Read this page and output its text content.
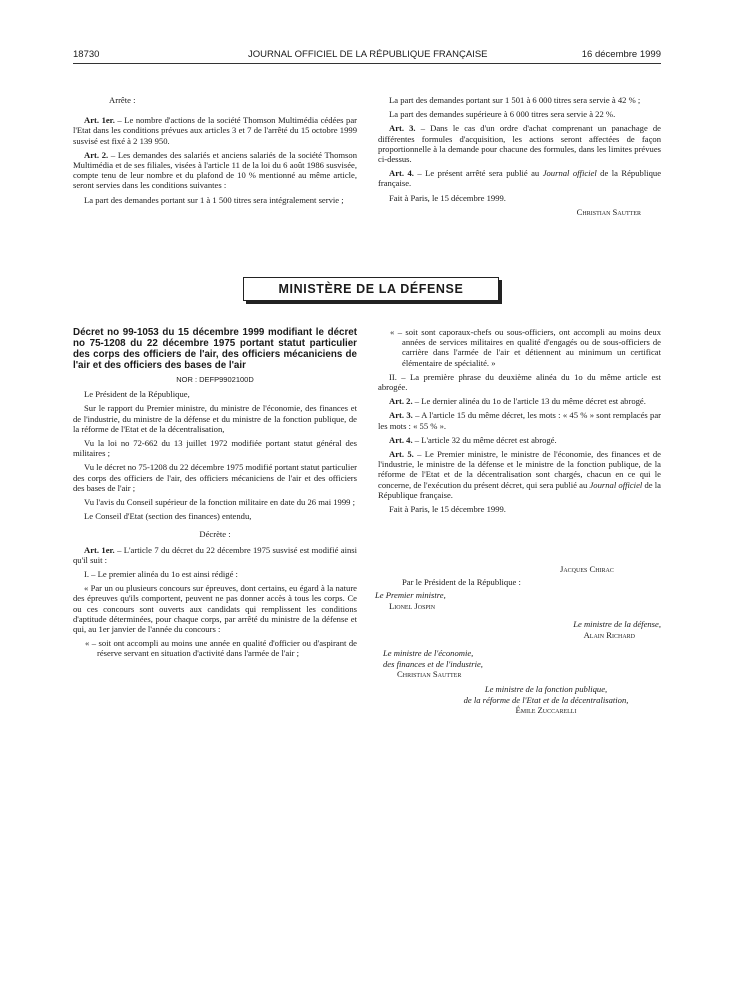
18730	JOURNAL OFFICIEL DE LA RÉPUBLIQUE FRANÇAISE	16 décembre 1999

Arrête :

Art. 1er. – Le nombre d'actions de la société Thomson Multimédia cédées par l'Etat dans les conditions prévues aux articles 3 et 7 de l'arrêté du 15 octobre 1999 susvisé est fixé à 2 139 950.

Art. 2. – Les demandes des salariés et anciens salariés de la société Thomson Multimédia et de ses filiales, visées à l'article 11 de la loi du 6 août 1986 susvisée, compte tenu de leur nombre et du plafond de 10 % mentionné au même article, seront servies dans les conditions suivantes :

La part des demandes portant sur 1 à 1 500 titres sera intégralement servie ;

La part des demandes portant sur 1 501 à 6 000 titres sera servie à 42 % ;

La part des demandes supérieure à 6 000 titres sera servie à 22 %.

Art. 3. – Dans le cas d'un ordre d'achat comprenant un panachage de différentes formules d'acquisition, les actions seront affectées de façon proportionnelle à la demande pour chacune des formules, dans les limites prévues ci-dessus.

Art. 4. – Le présent arrêté sera publié au Journal officiel de la République française.

Fait à Paris, le 15 décembre 1999.

Christian Sautter

MINISTÈRE DE LA DÉFENSE

Décret no 99-1053 du 15 décembre 1999 modifiant le décret no 75-1208 du 22 décembre 1975 portant statut particulier des corps des officiers de l'air, des officiers mécaniciens de l'air et des officiers des bases de l'air

NOR : DEFP9902100D

Le Président de la République,

Sur le rapport du Premier ministre, du ministre de l'économie, des finances et de l'industrie, du ministre de la défense et du ministre de la fonction publique, de la réforme de l'Etat et de la décentralisation,

Vu la loi no 72-662 du 13 juillet 1972 modifiée portant statut général des militaires ;

Vu le décret no 75-1208 du 22 décembre 1975 modifié portant statut particulier des corps des officiers de l'air, des officiers mécaniciens de l'air et des officiers des bases de l'air ;

Vu l'avis du Conseil supérieur de la fonction militaire en date du 26 mai 1999 ;

Le Conseil d'Etat (section des finances) entendu,

Décrète :

Art. 1er. – L'article 7 du décret du 22 décembre 1975 susvisé est modifié ainsi qu'il suit :

I. – Le premier alinéa du 1o est ainsi rédigé :

« Par un ou plusieurs concours sur épreuves, dont certains, eu égard à la nature des épreuves qu'ils comportent, peuvent ne pas donner accès à tous les corps. Ce ou ces concours sont ouverts aux candidats qui remplissent les conditions d'aptitude déterminées, pour chaque corps, par arrêté du ministre de la défense et qui, au 1er janvier de l'année du concours :

« – soit ont accompli au moins une année en qualité d'officier ou d'aspirant de réserve servant en situation d'activité dans l'armée de l'air ;

« – soit sont caporaux-chefs ou sous-officiers, ont accompli au moins deux années de services militaires en qualité d'engagés ou de sous-officiers de carrière dans l'armée de l'air et détiennent au minimum un certificat élémentaire de spécialité. »

II. – La première phrase du deuxième alinéa du 1o du même article est abrogée.

Art. 2. – Le dernier alinéa du 1o de l'article 13 du même décret est abrogé.

Art. 3. – A l'article 15 du même décret, les mots : « 45 % » sont remplacés par les mots : « 55 % ».

Art. 4. – L'article 32 du même décret est abrogé.

Art. 5. – Le Premier ministre, le ministre de l'économie, des finances et de l'industrie, le ministre de la défense et le ministre de la fonction publique, de la réforme de l'Etat et de la décentralisation sont chargés, chacun en ce qui le concerne, de l'exécution du présent décret, qui sera publié au Journal officiel de la République française.

Fait à Paris, le 15 décembre 1999.

Jacques Chirac
Par le Président de la République :
Le Premier ministre,
Lionel Jospin
Le ministre de la défense,
Alain Richard
Le ministre de l'économie,
des finances et de l'industrie,
Christian Sautter
Le ministre de la fonction publique,
de la réforme de l'Etat et de la décentralisation,
Émile Zuccarelli
